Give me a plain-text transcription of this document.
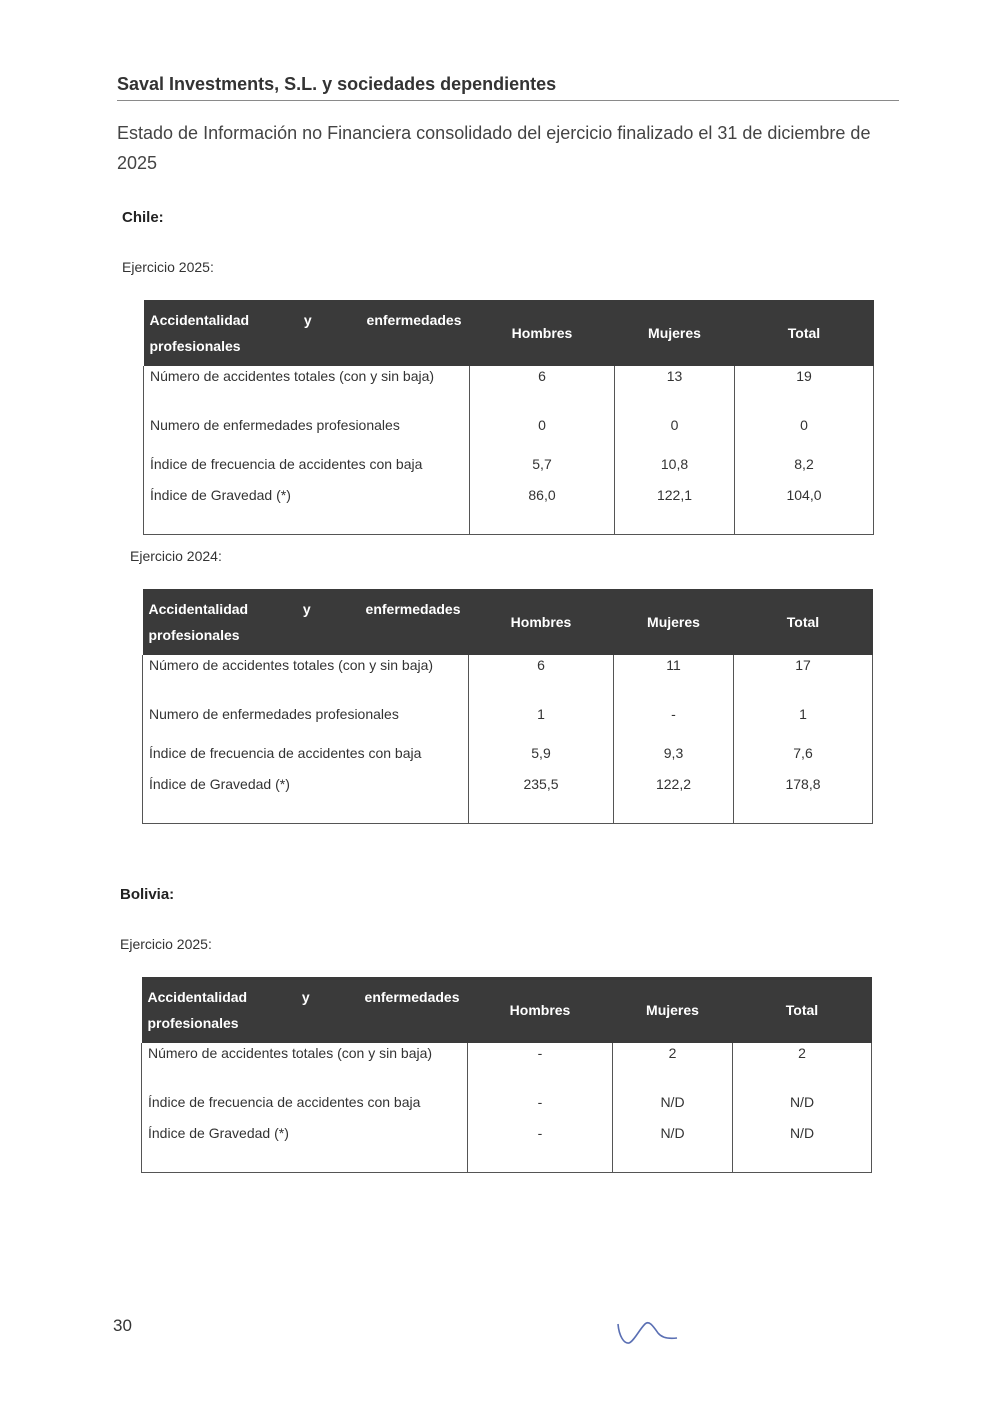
Saval Investments, S.L. y sociedades dependientes
Estado de Información no Financiera consolidado del ejercicio finalizado el 31 de diciembre de 2025
Chile:
Ejercicio 2025:
Accidentalidad y enfermedades
profesionales	Hombres	Mujeres	Total
Número de accidentes totales (con y sin baja)	6	13	19
Numero de enfermedades profesionales	0	0	0
Índice de frecuencia de accidentes con baja	5,7	10,8	8,2
Índice de Gravedad (*)	86,0	122,1	104,0
Ejercicio 2024:
Accidentalidad y enfermedades
profesionales	Hombres	Mujeres	Total
Número de accidentes totales (con y sin baja)	6	11	17
Numero de enfermedades profesionales	1	-	1
Índice de frecuencia de accidentes con baja	5,9	9,3	7,6
Índice de Gravedad (*)	235,5	122,2	178,8
Bolivia:
Ejercicio 2025:
Accidentalidad y enfermedades
profesionales	Hombres	Mujeres	Total
Número de accidentes totales (con y sin baja)	-	2	2
Índice de frecuencia de accidentes con baja	-	N/D	N/D
Índice de Gravedad (*)	-	N/D	N/D
30
